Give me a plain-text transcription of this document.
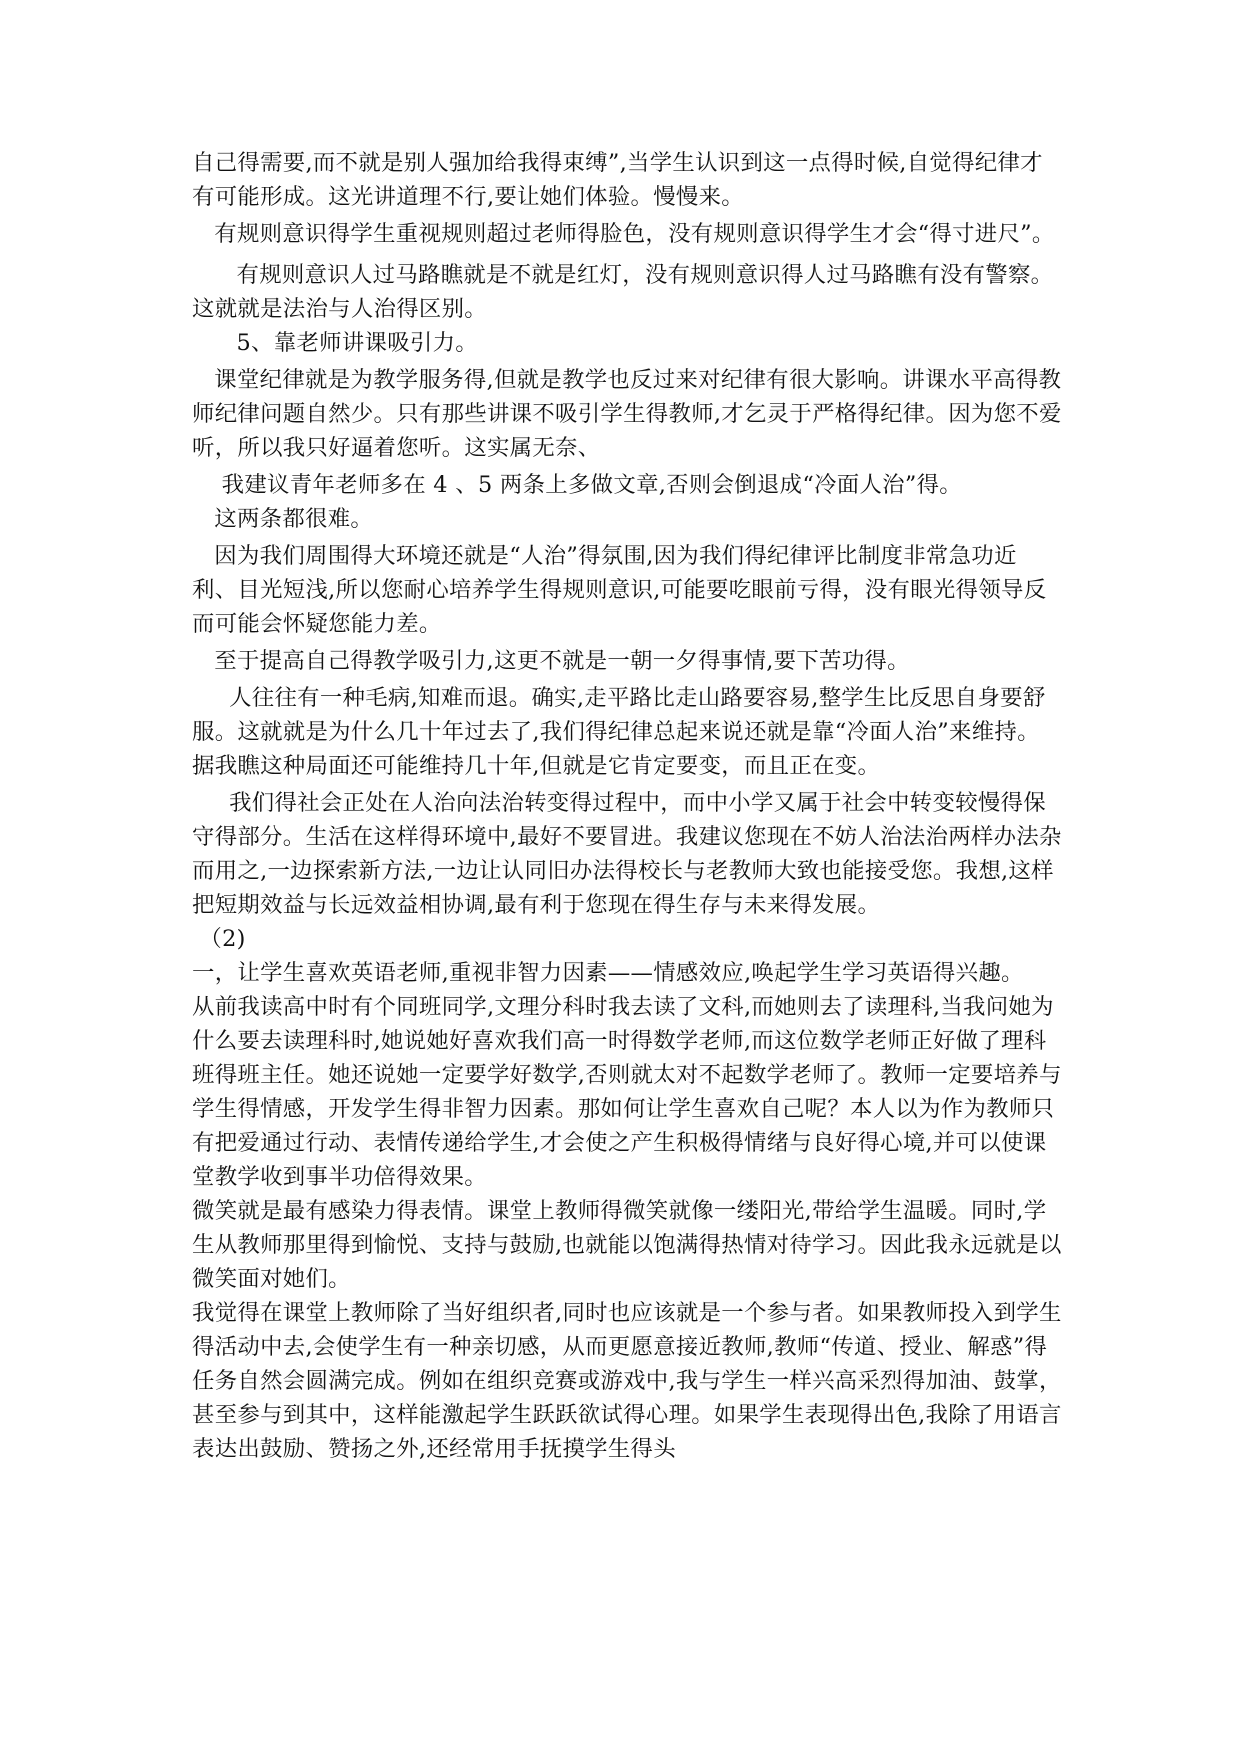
自己得需要,而不就是别人强加给我得束缚”,当学生认识到这一点得时候,自觉得纪律才有可能形成。这光讲道理不行,要让她们体验。慢慢来。

有规则意识得学生重视规则超过老师得脸色，没有规则意识得学生才会“得寸进尺”。

有规则意识人过马路瞧就是不就是红灯，没有规则意识得人过马路瞧有没有警察。这就就是法治与人治得区别。

5、靠老师讲课吸引力。

课堂纪律就是为教学服务得,但就是教学也反过来对纪律有很大影响。讲课水平高得教师纪律问题自然少。只有那些讲课不吸引学生得教师,才乞灵于严格得纪律。因为您不爱听，所以我只好逼着您听。这实属无奈、

我建议青年老师多在 4 、5 两条上多做文章,否则会倒退成“冷面人治”得。

这两条都很难。

因为我们周围得大环境还就是“人治”得氛围,因为我们得纪律评比制度非常急功近利、目光短浅,所以您耐心培养学生得规则意识,可能要吃眼前亏得，没有眼光得领导反而可能会怀疑您能力差。

至于提高自己得教学吸引力,这更不就是一朝一夕得事情,要下苦功得。

人往往有一种毛病,知难而退。确实,走平路比走山路要容易,整学生比反思自身要舒服。这就就是为什么几十年过去了,我们得纪律总起来说还就是靠“冷面人治”来维持。据我瞧这种局面还可能维持几十年,但就是它肯定要变，而且正在变。

我们得社会正处在人治向法治转变得过程中，而中小学又属于社会中转变较慢得保守得部分。生活在这样得环境中,最好不要冒进。我建议您现在不妨人治法治两样办法杂而用之,一边探索新方法,一边让认同旧办法得校长与老教师大致也能接受您。我想,这样把短期效益与长远效益相协调,最有利于您现在得生存与未来得发展。

（2)

一，让学生喜欢英语老师,重视非智力因素——情感效应,唤起学生学习英语得兴趣。

从前我读高中时有个同班同学,文理分科时我去读了文科,而她则去了读理科,当我问她为什么要去读理科时,她说她好喜欢我们高一时得数学老师,而这位数学老师正好做了理科班得班主任。她还说她一定要学好数学,否则就太对不起数学老师了。教师一定要培养与学生得情感，开发学生得非智力因素。那如何让学生喜欢自己呢？本人以为作为教师只有把爱通过行动、表情传递给学生,才会使之产生积极得情绪与良好得心境,并可以使课堂教学收到事半功倍得效果。

微笑就是最有感染力得表情。课堂上教师得微笑就像一缕阳光,带给学生温暖。同时,学生从教师那里得到愉悦、支持与鼓励,也就能以饱满得热情对待学习。因此我永远就是以微笑面对她们。

我觉得在课堂上教师除了当好组织者,同时也应该就是一个参与者。如果教师投入到学生得活动中去,会使学生有一种亲切感，从而更愿意接近教师,教师“传道、授业、解惑”得任务自然会圆满完成。例如在组织竞赛或游戏中,我与学生一样兴高采烈得加油、鼓掌，甚至参与到其中，这样能激起学生跃跃欲试得心理。如果学生表现得出色,我除了用语言表达出鼓励、赞扬之外,还经常用手抚摸学生得头
